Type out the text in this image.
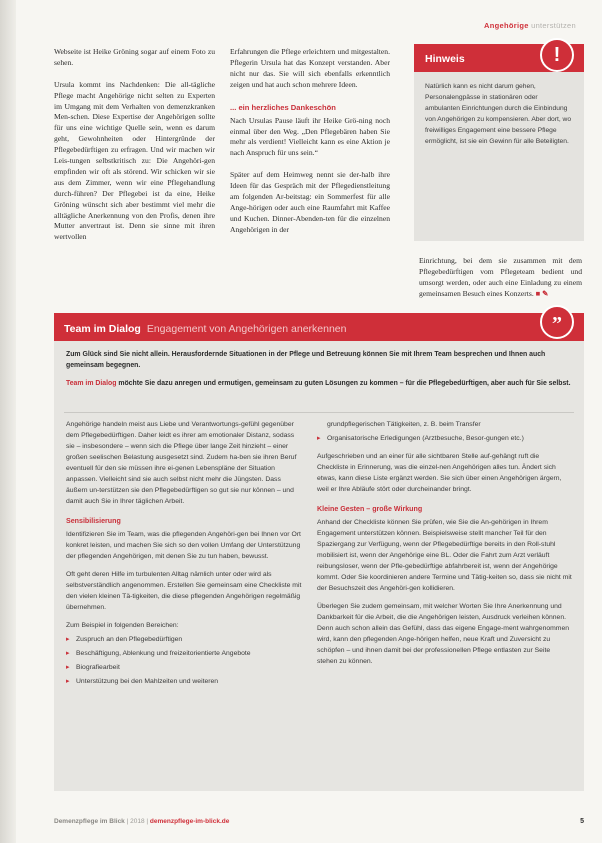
Angehörige unterstützen

Webseite ist Heike Gröning sogar auf einem Foto zu sehen.

Ursula kommt ins Nachdenken: Die all-tägliche Pflege macht Angehörige nicht selten zu Experten im Umgang mit dem Verhalten von demenzkranken Men-schen. Diese Expertise der Angehörigen sollte für uns eine wichtige Quelle sein, wenn es darum geht, Gewohnheiten oder Hintergründe der Pflegebedürftigen zu erfragen. Und wir machen wir Leis-tungen selbstkritisch zu: Die Angehöri-gen empfinden wir oft als störend. Wir schicken wir sie aus dem Zimmer, wenn wir eine Pflegehandlung durch-führen? Der Pflegebei ist da eine, Heike Gröning wünscht sich aber bestimmt viel mehr die alltägliche Anerkennung von den Profis, denen ihre Mutter anvertraut ist. Denn sie sinne mit ihren wertvollen

Erfahrungen die Pflege erleichtern und mitgestalten. Pflegerin Ursula hat das Konzept verstanden. Aber nicht nur das. Sie will sich ebenfalls erkenntlich zeigen und hat auch schon mehrere Ideen.

... ein herzliches Dankeschön

Nach Ursulas Pause läuft ihr Heike Grö-ning noch einmal über den Weg. „Den Pflegebären haben Sie mehr als verdient! Vielleicht kann es eine Aktion je nach Anspruch für uns sein.“

Später auf dem Heimweg nennt sie der-halb ihre Ideen für das Gespräch mit der Pflegedienstleitung am folgenden Ar-beitstag: ein Sommerfest für alle Ange-hörigen oder auch eine Raumfahrt mit Kaffee und Kuchen. Dinner-Abenden-ten für die einzelnen Angehörigen in der

Hinweis	!
Natürlich kann es nicht darum gehen, Personalengpässe in stationären oder ambulanten Einrichtungen durch die Einbindung von Angehörigen zu kompensieren. Aber dort, wo freiwilliges Engagement eine bessere Pflege ermöglicht, ist sie ein Gewinn für alle Beteiligten.

Einrichtung, bei dem sie zusammen mit dem Pflegebedürftigen vom Pflegeteam bedient und umsorgt werden, oder auch eine Einladung zu einem gemeinsamen Besuch eines Konzerts. ■ ✎

Team im Dialog Engagement von Angehörigen anerkennen	”

Zum Glück sind Sie nicht allein. Herausfordernde Situationen in der Pflege und Betreuung können Sie mit Ihrem Team besprechen und Ihnen auch gemeinsam begegnen.

Team im Dialog möchte Sie dazu anregen und ermutigen, gemeinsam zu guten Lösungen zu kommen – für die Pflegebedürftigen, aber auch für Sie selbst.

Angehörige handeln meist aus Liebe und Verantwortungs-gefühl gegenüber dem Pflegebedürftigen. Daher leidt es ihrer am emotionaler Distanz, sodass sie – insbesondere – wenn sich die Pflege über lange Zeit hinzieht – einer großen seelischen Belastung ausgesetzt sind. Zudem ha-ben sie ihren Beruf eventuell für den sie müssen ihre ei-genen Lebenspläne der Situation anpassen. Vielleicht sind sie auch selbst nicht mehr die Jüngsten. Dass äußern un-terstützen sie den Pflegebedürftigen so gut sie nur können – und damit auch Sie in Ihrer täglichen Arbeit.

Sensibilisierung

Identifizieren Sie im Team, was die pflegenden Angehöri-gen bei Ihnen vor Ort konkret leisten, und machen Sie sich so den vollen Umfang der Unterstützung der pflegenden Angehörigen, mit denen Sie zu tun haben, bewusst.

Oft geht deren Hilfe im turbulenten Alltag nämlich unter oder wird als selbstverständlich angenommen. Erstellen Sie gemeinsam eine Checkliste mit den vielen kleinen Tä-tigkeiten, die diese pflegenden Angehörigen regelmäßig übernehmen.

Zum Beispiel in folgenden Bereichen:

▸ Zuspruch an den Pflegebedürftigen
▸ Beschäftigung, Ablenkung und freizeitorientierte Angebote
▸ Biografiearbeit
▸ Unterstützung bei den Mahlzeiten und weiteren
grundpflegerischen Tätigkeiten, z. B. beim Transfer
▸ Organisatorische Erledigungen (Arztbesuche, Besor-gungen etc.)

Aufgeschrieben und an einer für alle sichtbaren Stelle auf-gehängt ruft die Checkliste in Erinnerung, was die einzel-nen Angehörigen alles tun. Ändert sich etwas, kann diese Liste ergänzt werden. Sie sich über einen Angehörigen ärgern, weil er Ihre Abläufe stört oder durcheinander bringt.

Kleine Gesten – große Wirkung

Anhand der Checkliste können Sie prüfen, wie Sie die An-gehörigen in Ihrem Engagement unterstützen können. Beispielsweise stellt mancher Teil für den Spaziergang zur Verfügung, wenn der Pflegebedürftige bereits in den Roll-stuhl mobilisiert ist, wenn der Angehörige eine BL. Oder die Fahrt zum Arzt verläuft reibungsloser, wenn der Pfle-gebedürftige abfahrbereit ist, wenn der Angehörige kommt. Oder Sie koordinieren andere Termine und Tätig-keiten so, dass sie nicht mit der Besuchszeit des Angehöri-gen kollidieren.

Überlegen Sie zudem gemeinsam, mit welcher Worten Sie Ihre Anerkennung und Dankbarkeit für die Arbeit, die die Angehörigen leisten, Ausdruck verleihen können. Denn auch schon allein das Gefühl, dass das eigene Engage-ment wahrgenommen wird, kann den pflegenden Ange-hörigen helfen, neue Kraft und Zuversicht zu schöpfen – und ihnen damit bei der professionellen Pflege entlasten zur Seite stehen zu können.

Demenzpflege im Blick | 2018 | demenzpflege-im-blick.de	5
